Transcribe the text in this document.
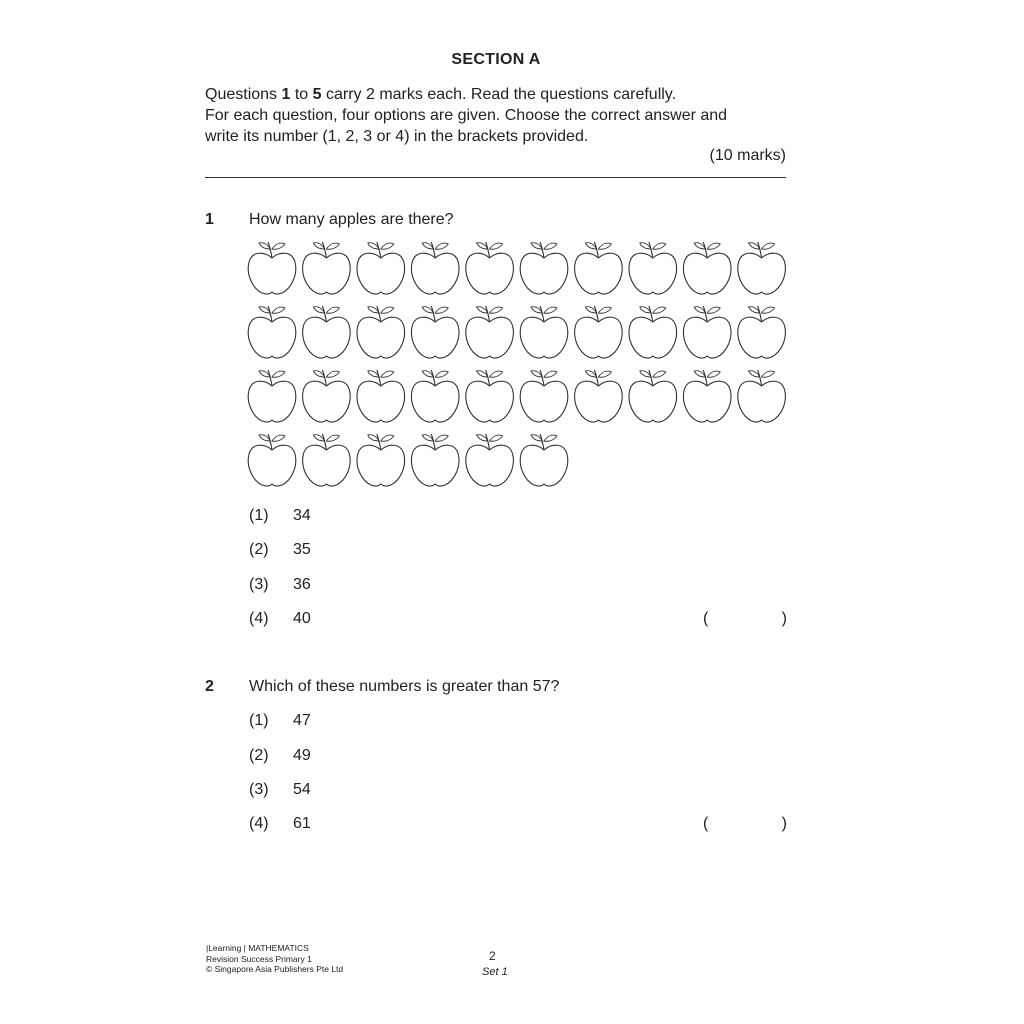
SECTION A

Questions 1 to 5 carry 2 marks each. Read the questions carefully.

For each question, four options are given. Choose the correct answer and

write its number (1, 2, 3 or 4) in the brackets provided.

(10 marks)
1 How many apples are there?
(1) 34
(2) 35
(3) 36
(4) 40	(	)
2 Which of these numbers is greater than 57?
(1) 47
(2) 49
(3) 54
(4) 61	(	)
|Learning | MATHEMATICS
Revision Success Primary 1
© Singapore Asia Publishers Pte Ltd
2
Set 1
